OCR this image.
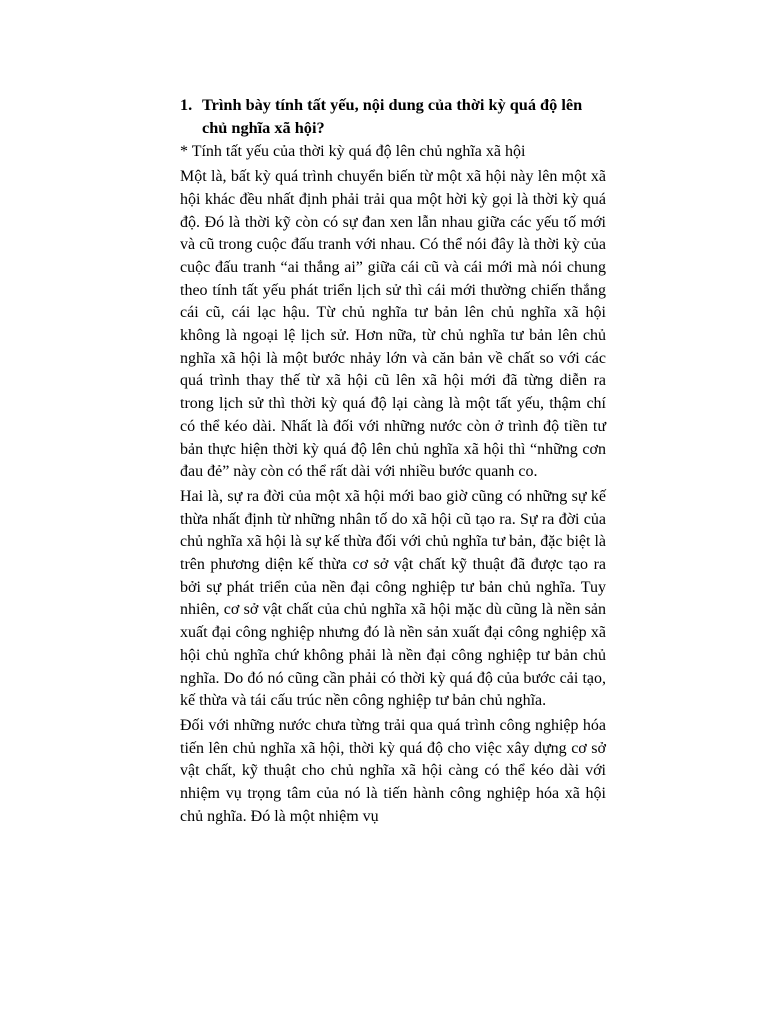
1. Trình bày tính tất yếu, nội dung của thời kỳ quá độ lên chủ nghĩa xã hội?
* Tính tất yếu của thời kỳ quá độ lên chủ nghĩa xã hội

Một là, bất kỳ quá trình chuyển biến từ một xã hội này lên một xã hội khác đều nhất định phải trải qua một hời kỳ gọi là thời kỳ quá độ. Đó là thời kỹ còn có sự đan xen lẫn nhau giữa các yếu tố mới và cũ trong cuộc đấu tranh với nhau. Có thể nói đây là thời kỳ của cuộc đấu tranh “ai thắng ai” giữa cái cũ và cái mới mà nói chung theo tính tất yếu phát triển lịch sử thì cái mới thường chiến thắng cái cũ, cái lạc hậu. Từ chủ nghĩa tư bản lên chủ nghĩa xã hội không là ngoại lệ lịch sử. Hơn nữa, từ chủ nghĩa tư bản lên chủ nghĩa xã hội là một bước nhảy lớn và căn bản về chất so với các quá trình thay thế từ xã hội cũ lên xã hội mới đã từng diễn ra trong lịch sử thì thời kỳ quá độ lại càng là một tất yếu, thậm chí có thể kéo dài. Nhất là đối với những nước còn ở trình độ tiền tư bản thực hiện thời kỳ quá độ lên chủ nghĩa xã hội thì “những cơn đau đẻ” này còn có thể rất dài với nhiều bước quanh co.

Hai là, sự ra đời của một xã hội mới bao giờ cũng có những sự kế thừa nhất định từ những nhân tố do xã hội cũ tạo ra. Sự ra đời của chủ nghĩa xã hội là sự kế thừa đối với chủ nghĩa tư bản, đặc biệt là trên phương diện kế thừa cơ sở vật chất kỹ thuật đã được tạo ra bởi sự phát triển của nền đại công nghiệp tư bản chủ nghĩa. Tuy nhiên, cơ sở vật chất của chủ nghĩa xã hội mặc dù cũng là nền sản xuất đại công nghiệp nhưng đó là nền sản xuất đại công nghiệp xã hội chủ nghĩa chứ không phải là nền đại công nghiệp tư bản chủ nghĩa. Do đó nó cũng cần phải có thời kỳ quá độ của bước cải tạo, kế thừa và tái cấu trúc nền công nghiệp tư bản chủ nghĩa.

Đối với những nước chưa từng trải qua quá trình công nghiệp hóa tiến lên chủ nghĩa xã hội, thời kỳ quá độ cho việc xây dựng cơ sở vật chất, kỹ thuật cho chủ nghĩa xã hội càng có thể kéo dài với nhiệm vụ trọng tâm của nó là tiến hành công nghiệp hóa xã hội chủ nghĩa. Đó là một nhiệm vụ
